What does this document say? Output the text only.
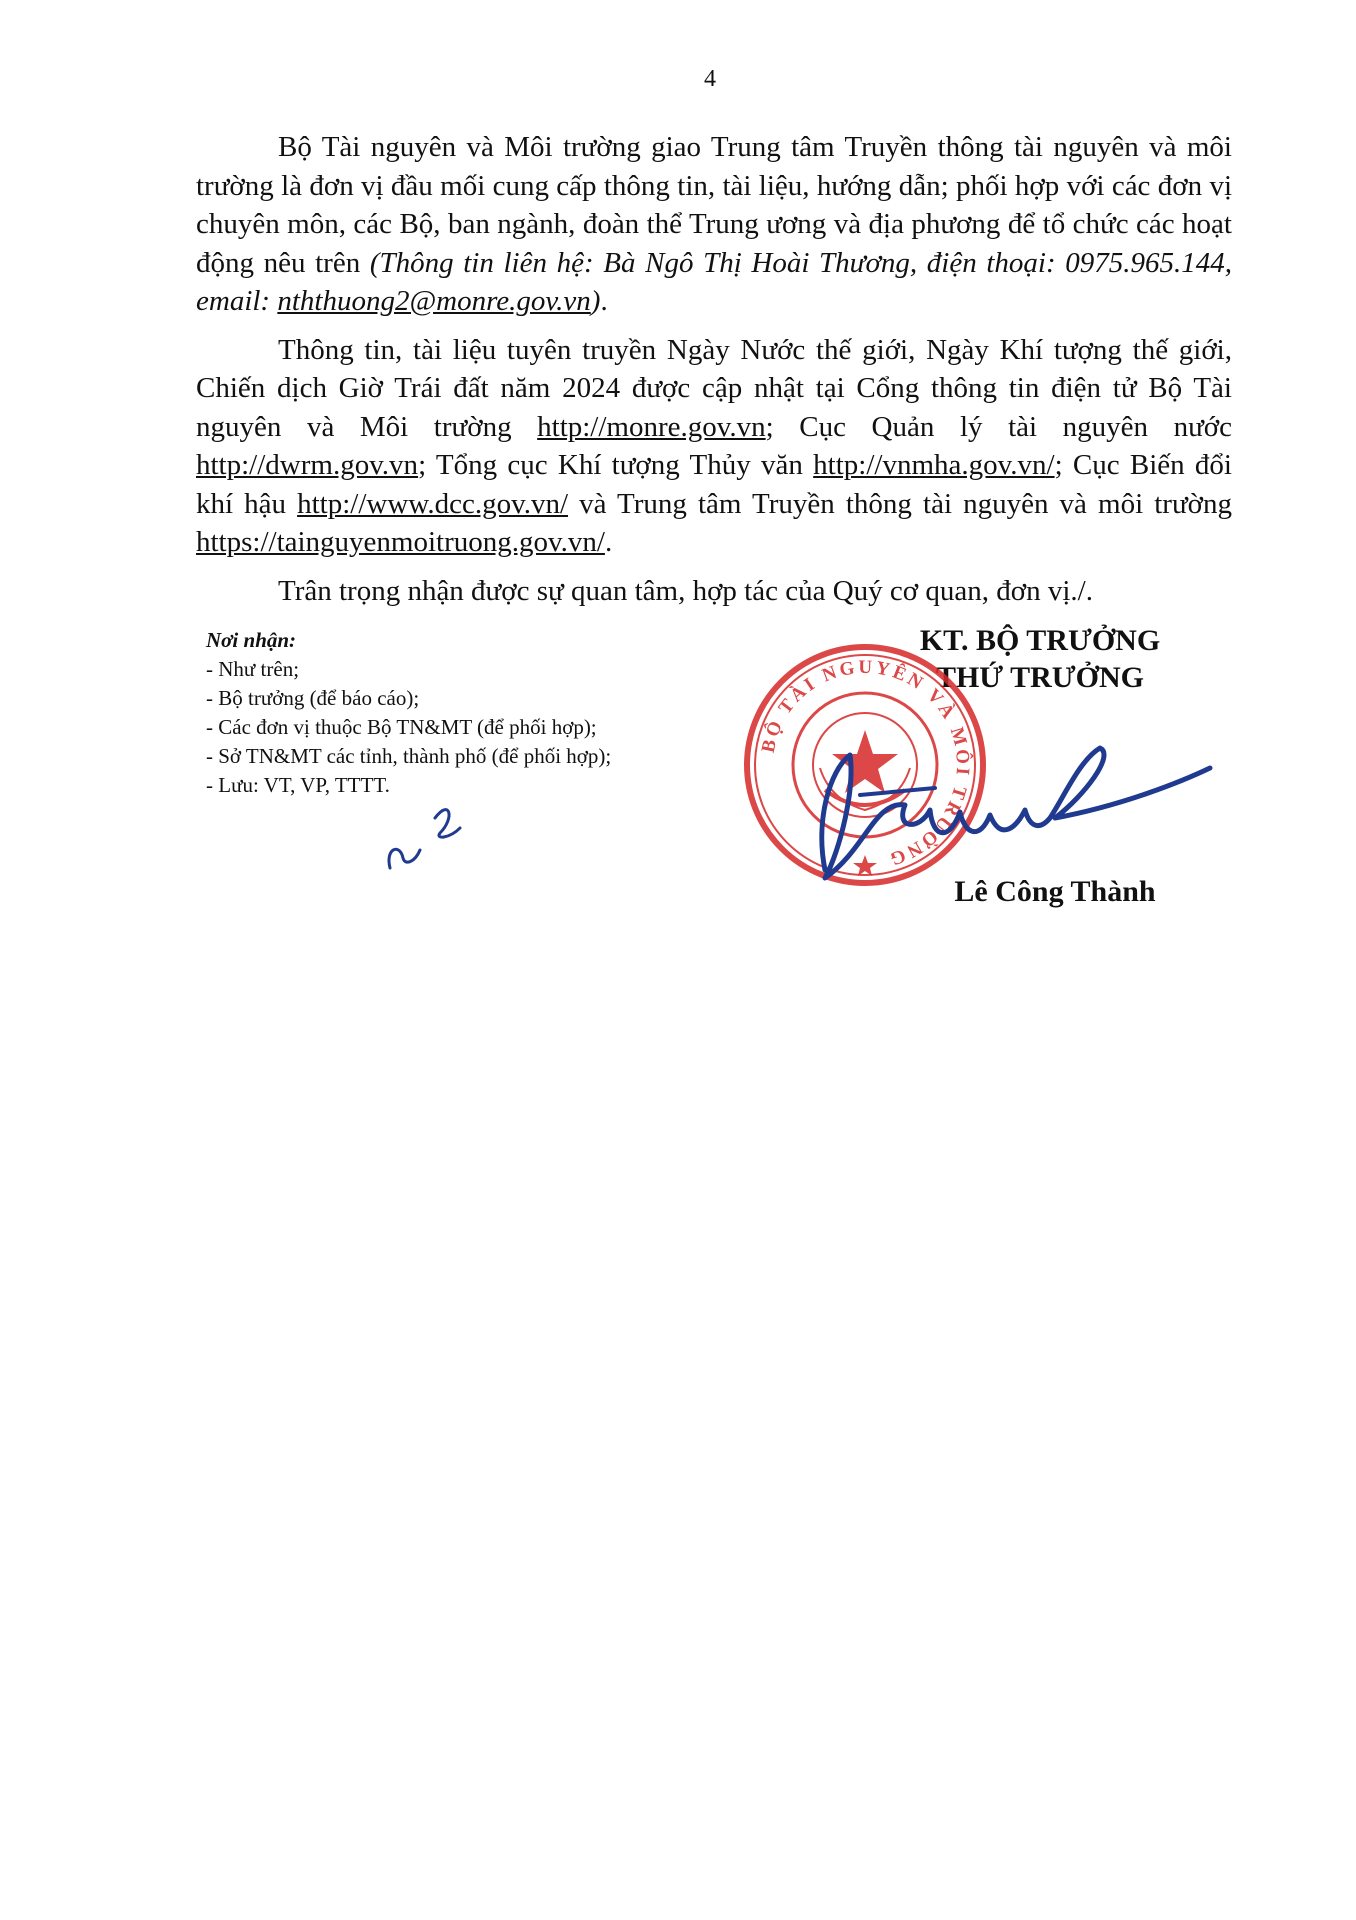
4

Bộ Tài nguyên và Môi trường giao Trung tâm Truyền thông tài nguyên và môi trường là đơn vị đầu mối cung cấp thông tin, tài liệu, hướng dẫn; phối hợp với các đơn vị chuyên môn, các Bộ, ban ngành, đoàn thể Trung ương và địa phương để tổ chức các hoạt động nêu trên (Thông tin liên hệ: Bà Ngô Thị Hoài Thương, điện thoại: 0975.965.144, email: nththuong2@monre.gov.vn).

Thông tin, tài liệu tuyên truyền Ngày Nước thế giới, Ngày Khí tượng thế giới, Chiến dịch Giờ Trái đất năm 2024 được cập nhật tại Cổng thông tin điện tử Bộ Tài nguyên và Môi trường http://monre.gov.vn; Cục Quản lý tài nguyên nước http://dwrm.gov.vn; Tổng cục Khí tượng Thủy văn http://vnmha.gov.vn/; Cục Biến đổi khí hậu http://www.dcc.gov.vn/ và Trung tâm Truyền thông tài nguyên và môi trường https://tainguyenmoitruong.gov.vn/.

Trân trọng nhận được sự quan tâm, hợp tác của Quý cơ quan, đơn vị./.

Nơi nhận:
- Như trên;
- Bộ trưởng (để báo cáo);
- Các đơn vị thuộc Bộ TN&MT (để phối hợp);
- Sở TN&MT các tỉnh, thành phố (để phối hợp);
- Lưu: VT, VP, TTTT.
KT. BỘ TRƯỞNG
THỨ TRƯỞNG
Lê Công Thành
BỘ TÀI NGUYÊN VÀ MÔI TRƯỜNG
